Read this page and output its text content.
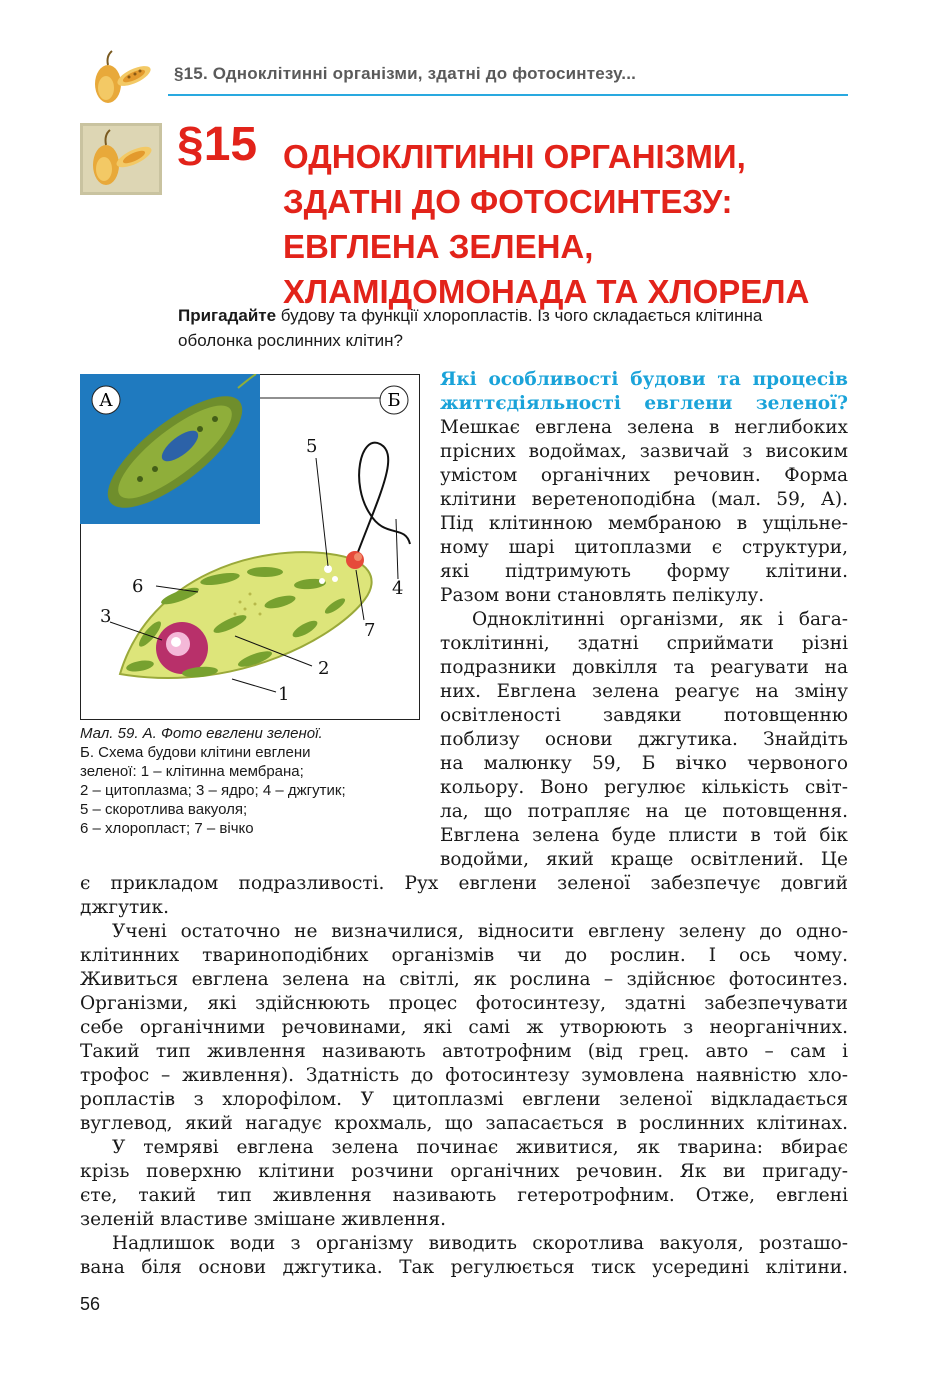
§15. Одноклітинні організми, здатні до фотосинтезу...
§15 ОДНОКЛІТИННІ ОРГАНІЗМИ,
ЗДАТНІ ДО ФОТОСИНТЕЗУ:
ЕВГЛЕНА ЗЕЛЕНА,
ХЛАМІДОМОНАДА ТА ХЛОРЕЛА
Пригадайте будову та функції хлоропластів. Із чого складається клітинна
оболонка рослинних клітин?
А	Б
1
2
3
4
5
6
7
Мал. 59. А. Фото евглени зеленої.
Б. Схема будови клітини евглени
зеленої: 1 – клітинна мембрана;
2 – цитоплазма; 3 – ядро; 4 – джгутик;
5 – скоротлива вакуоля;
6 – хлоропласт; 7 – вічко
Які особливості будови та процесів
життєдіяльності евглени зеленої?
Мешкає евглена зелена в неглибоких
прісних водоймах, зазвичай з високим
умістом органічних речовин. Форма
клітини веретеноподібна (мал. 59, А).
Під клітинною мембраною в ущільне-
ному шарі цитоплазми є структури,
які підтримують форму клітини.
Разом вони становлять пелікулу.
Одноклітинні організми, як і бага-
токлітинні, здатні сприймати різні
подразники довкілля та реагувати на
них. Евглена зелена реагує на зміну
освітленості завдяки потовщенню
поблизу основи джгутика. Знайдіть
на малюнку 59, Б вічко червоного
кольору. Воно регулює кількість світ-
ла, що потрапляє на це потовщення.
Евглена зелена буде плисти в той бік
водойми, який краще освітлений. Це
є прикладом подразливості. Рух евглени зеленої забезпечує довгий
джгутик.
Учені остаточно не визначилися, відносити евглену зелену до одно-
клітинних твариноподібних організмів чи до рослин. І ось чому.
Живиться евглена зелена на світлі, як рослина – здійснює фотосинтез.
Організми, які здійснюють процес фотосинтезу, здатні забезпечувати
себе органічними речовинами, які самі ж утворюють з неорганічних.
Такий тип живлення називають автотрофним (від грец. авто – сам і
трофос – живлення). Здатність до фотосинтезу зумовлена наявністю хло-
ропластів з хлорофілом. У цитоплазмі евглени зеленої відкладається
вуглевод, який нагадує крохмаль, що запасається в рослинних клітинах.
У темряві евглена зелена починає живитися, як тварина: вбирає
крізь поверхню клітини розчини органічних речовин. Як ви пригаду-
єте, такий тип живлення називають гетеротрофним. Отже, евглені
зеленій властиве змішане живлення.
Надлишок води з організму виводить скоротлива вакуоля, розташо-
вана біля основи джгутика. Так регулюється тиск усередині клітини.
56
